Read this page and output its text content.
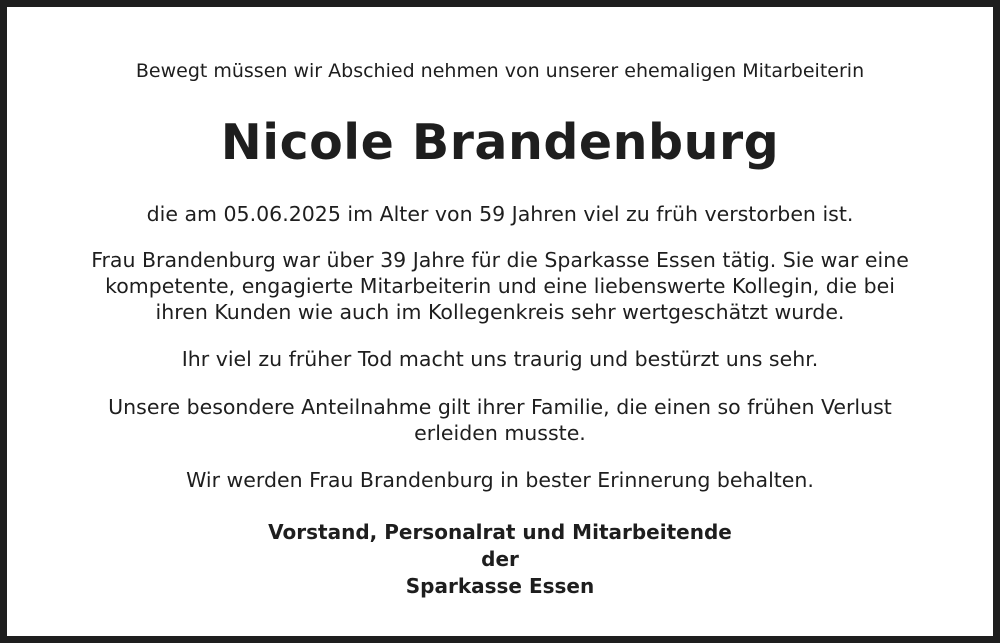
Bewegt müssen wir Abschied nehmen von unserer ehemaligen Mitarbeiterin

Nicole Brandenburg

die am 05.06.2025 im Alter von 59 Jahren viel zu früh verstorben ist.

Frau Brandenburg war über 39 Jahre für die Sparkasse Essen tätig. Sie war eine

kompetente, engagierte Mitarbeiterin und eine liebenswerte Kollegin, die bei

ihren Kunden wie auch im Kollegenkreis sehr wertgeschätzt wurde.

Ihr viel zu früher Tod macht uns traurig und bestürzt uns sehr.

Unsere besondere Anteilnahme gilt ihrer Familie, die einen so frühen Verlust

erleiden musste.

Wir werden Frau Brandenburg in bester Erinnerung behalten.

Vorstand, Personalrat und Mitarbeitende

der

Sparkasse Essen
